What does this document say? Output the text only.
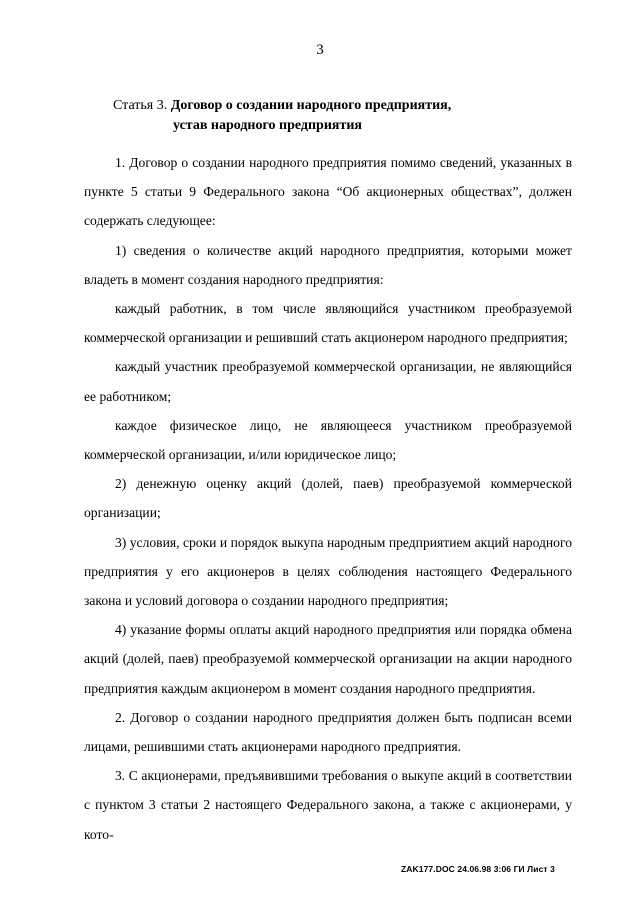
3
Статья 3. Договор о создании народного предприятия,
устав народного предприятия

1. Договор о создании народного предприятия помимо сведений, указанных в пункте 5 статьи 9 Федерального закона “Об акционерных обществах”, должен содержать следующее:

1) сведения о количестве акций народного предприятия, которыми может владеть в момент создания народного предприятия:

каждый работник, в том числе являющийся участником преобразуемой коммерческой организации и решивший стать акционером народного предприятия;

каждый участник преобразуемой коммерческой организации, не являющийся ее работником;

каждое физическое лицо, не являющееся участником преобразуемой коммерческой организации, и/или юридическое лицо;

2) денежную оценку акций (долей, паев) преобразуемой коммерческой организации;

3) условия, сроки и порядок выкупа народным предприятием акций народного предприятия у его акционеров в целях соблюдения настоящего Федерального закона и условий договора о создании народного предприятия;

4) указание формы оплаты акций народного предприятия или порядка обмена акций (долей, паев) преобразуемой коммерческой организации на акции народного предприятия каждым акционером в момент создания народного предприятия.

2. Договор о создании народного предприятия должен быть подписан всеми лицами, решившими стать акционерами народного предприятия.

3. С акционерами, предъявившими требования о выкупе акций в соответствии с пунктом 3 статьи 2 настоящего Федерального закона, а также с акционерами, у кото-

ZAK177.DOC 24.06.98 3:06 ГИ Лист 3
